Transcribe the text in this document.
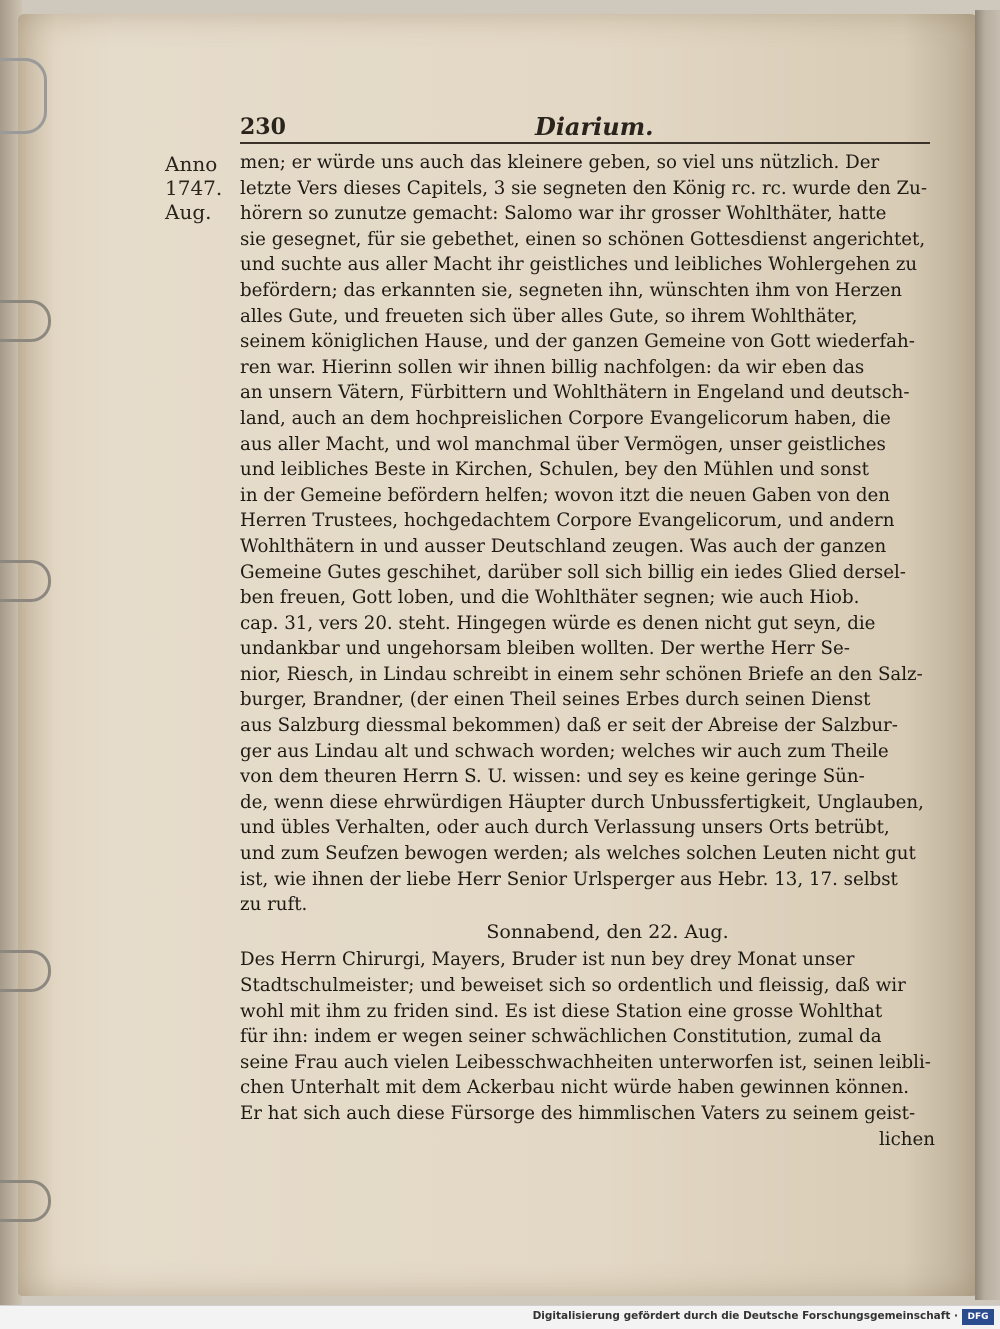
230	Diarium.
Anno
1747.
Aug.
men; er würde uns auch das kleinere geben, so viel uns nützlich. Der
letzte Vers dieses Capitels, 3 sie segneten den König rc. rc. wurde den Zu-
hörern so zunutze gemacht: Salomo war ihr grosser Wohlthäter, hatte
sie gesegnet, für sie gebethet, einen so schönen Gottesdienst angerichtet,
und suchte aus aller Macht ihr geistliches und leibliches Wohlergehen zu
befördern; das erkannten sie, segneten ihn, wünschten ihm von Herzen
alles Gute, und freueten sich über alles Gute, so ihrem Wohlthäter,
seinem königlichen Hause, und der ganzen Gemeine von Gott wiederfah-
ren war. Hierinn sollen wir ihnen billig nachfolgen: da wir eben das
an unsern Vätern, Fürbittern und Wohlthätern in Engeland und deutsch-
land, auch an dem hochpreislichen Corpore Evangelicorum haben, die
aus aller Macht, und wol manchmal über Vermögen, unser geistliches
und leibliches Beste in Kirchen, Schulen, bey den Mühlen und sonst
in der Gemeine befördern helfen; wovon itzt die neuen Gaben von den
Herren Trustees, hochgedachtem Corpore Evangelicorum, und andern
Wohlthätern in und ausser Deutschland zeugen. Was auch der ganzen
Gemeine Gutes geschihet, darüber soll sich billig ein iedes Glied dersel-
ben freuen, Gott loben, und die Wohlthäter segnen; wie auch Hiob.
cap. 31, vers 20. steht. Hingegen würde es denen nicht gut seyn, die
undankbar und ungehorsam bleiben wollten. Der werthe Herr Se-
nior, Riesch, in Lindau schreibt in einem sehr schönen Briefe an den Salz-
burger, Brandner, (der einen Theil seines Erbes durch seinen Dienst
aus Salzburg diessmal bekommen) daß er seit der Abreise der Salzbur-
ger aus Lindau alt und schwach worden; welches wir auch zum Theile
von dem theuren Herrn S. U. wissen: und sey es keine geringe Sün-
de, wenn diese ehrwürdigen Häupter durch Unbussfertigkeit, Unglauben,
und übles Verhalten, oder auch durch Verlassung unsers Orts betrübt,
und zum Seufzen bewogen werden; als welches solchen Leuten nicht gut
ist, wie ihnen der liebe Herr Senior Urlsperger aus Hebr. 13, 17. selbst
zu ruft.
Sonnabend, den 22. Aug.
Des Herrn Chirurgi, Mayers, Bruder ist nun bey drey Monat unser
Stadtschulmeister; und beweiset sich so ordentlich und fleissig, daß wir
wohl mit ihm zu friden sind. Es ist diese Station eine grosse Wohlthat
für ihn: indem er wegen seiner schwächlichen Constitution, zumal da
seine Frau auch vielen Leibesschwachheiten unterworfen ist, seinen leibli-
chen Unterhalt mit dem Ackerbau nicht würde haben gewinnen können.
Er hat sich auch diese Fürsorge des himmlischen Vaters zu seinem geist-
lichen
Digitalisierung gefördert durch die Deutsche Forschungsgemeinschaft ·	DFG
